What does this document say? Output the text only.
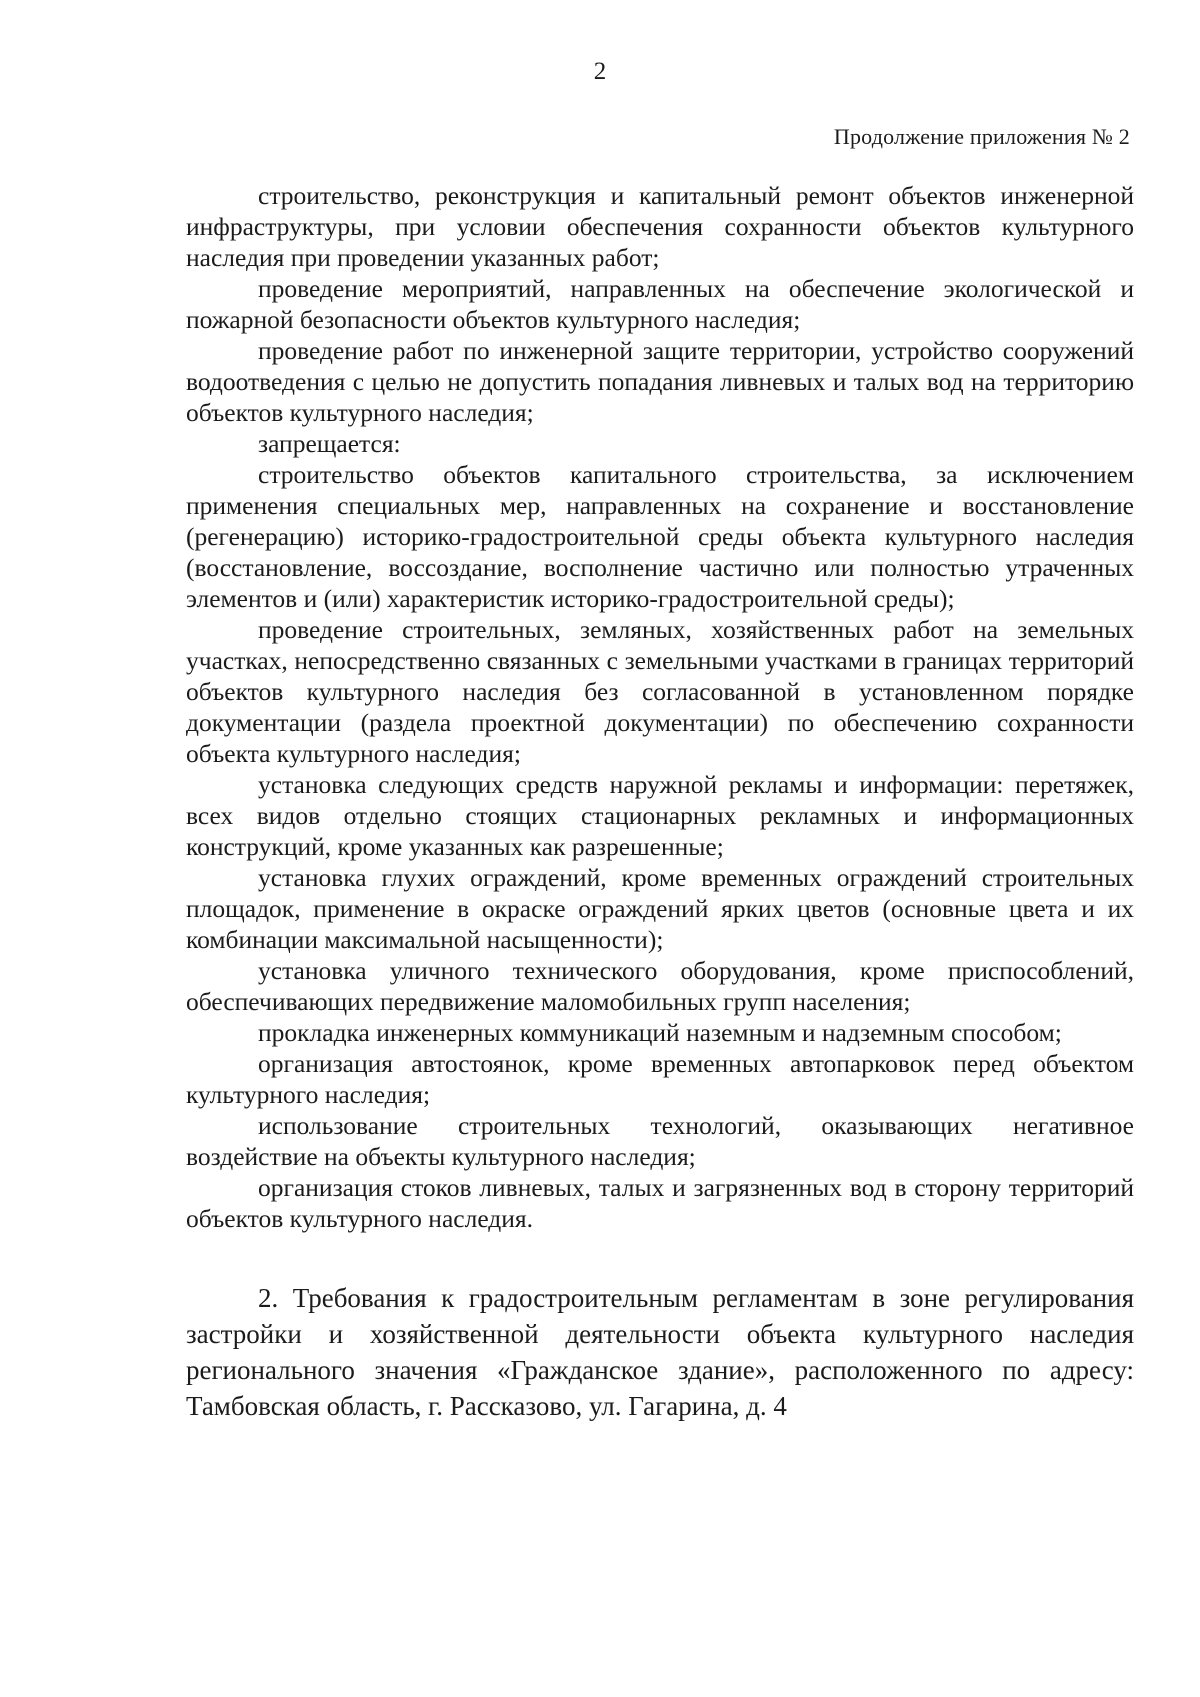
2
Продолжение приложения № 2

строительство, реконструкция и капитальный ремонт объектов инженерной инфраструктуры, при условии обеспечения сохранности объектов культурного наследия при проведении указанных работ;

проведение мероприятий, направленных на обеспечение экологической и пожарной безопасности объектов культурного наследия;

проведение работ по инженерной защите территории, устройство сооружений водоотведения с целью не допустить попадания ливневых и талых вод на территорию объектов культурного наследия;

запрещается:

строительство объектов капитального строительства, за исключением применения специальных мер, направленных на сохранение и восстановление (регенерацию) историко-градостроительной среды объекта культурного наследия (восстановление, воссоздание, восполнение частично или полностью утраченных элементов и (или) характеристик историко-градостроительной среды);

проведение строительных, земляных, хозяйственных работ на земельных участках, непосредственно связанных с земельными участками в границах территорий объектов культурного наследия без согласованной в установленном порядке документации (раздела проектной документации) по обеспечению сохранности объекта культурного наследия;

установка следующих средств наружной рекламы и информации: перетяжек, всех видов отдельно стоящих стационарных рекламных и информационных конструкций, кроме указанных как разрешенные;

установка глухих ограждений, кроме временных ограждений строительных площадок, применение в окраске ограждений ярких цветов (основные цвета и их комбинации максимальной насыщенности);

установка уличного технического оборудования, кроме приспособлений, обеспечивающих передвижение маломобильных групп населения;

прокладка инженерных коммуникаций наземным и надземным способом;

организация автостоянок, кроме временных автопарковок перед объектом культурного наследия;

использование строительных технологий, оказывающих негативное воздействие на объекты культурного наследия;

организация стоков ливневых, талых и загрязненных вод в сторону территорий объектов культурного наследия.

2. Требования к градостроительным регламентам в зоне регулирования застройки и хозяйственной деятельности объекта культурного наследия регионального значения «Гражданское здание», расположенного по адресу: Тамбовская область, г. Рассказово, ул. Гагарина, д. 4
